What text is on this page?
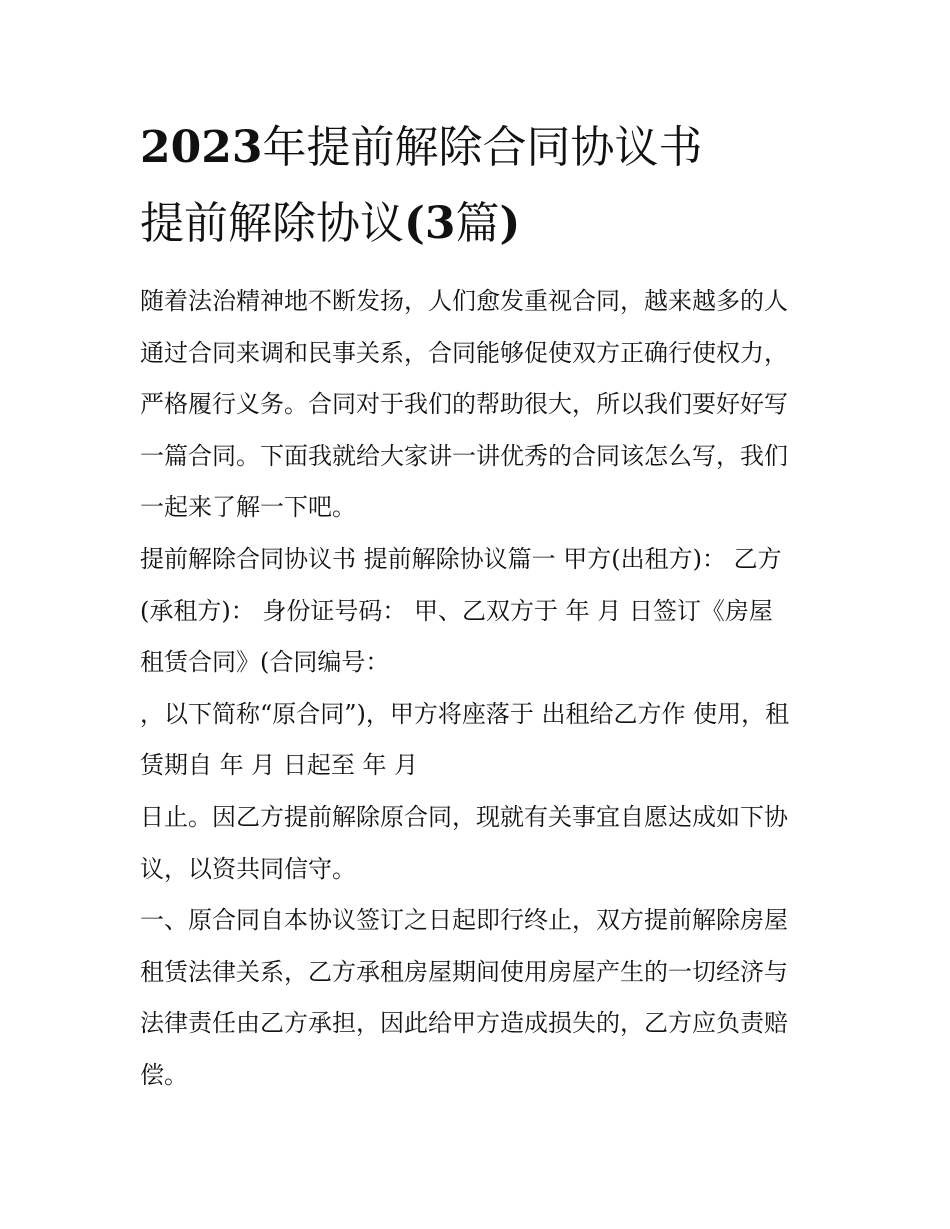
2023年提前解除合同协议书
提前解除协议(3篇)
随着法治精神地不断发扬，人们愈发重视合同，越来越多的人
通过合同来调和民事关系，合同能够促使双方正确行使权力，
严格履行义务。合同对于我们的帮助很大，所以我们要好好写
一篇合同。下面我就给大家讲一讲优秀的合同该怎么写，我们
一起来了解一下吧。
提前解除合同协议书 提前解除协议篇一 甲方(出租方)： 乙方
(承租方)： 身份证号码： 甲、乙双方于 年 月 日签订《房屋
租赁合同》(合同编号：
，以下简称“原合同”)，甲方将座落于 出租给乙方作 使用，租
赁期自 年 月 日起至 年 月
日止。因乙方提前解除原合同，现就有关事宜自愿达成如下协
议，以资共同信守。
一、原合同自本协议签订之日起即行终止，双方提前解除房屋
租赁法律关系，乙方承租房屋期间使用房屋产生的一切经济与
法律责任由乙方承担，因此给甲方造成损失的，乙方应负责赔
偿。
